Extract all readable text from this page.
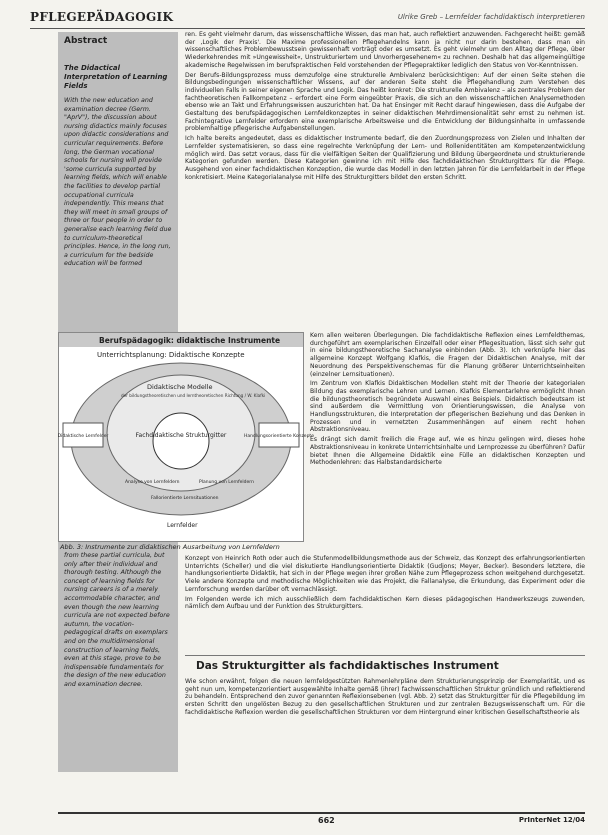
PFLEGEPÄDAGOGIK	Ulrike Greb – Lernfelder fachdidaktisch interpretieren
Abstract
The Didactical Interpretation of Learning Fields
With the new education and examination decree (Germ. "AprV"), the discussion about nursing didactics mainly focuses upon didactic considerations and curricular requirements. Before long, the German vocational schools for nursing will provide 'some curricula supported by learning fields, which will enable the facilities to develop partial occupational curricula independently. This means that they will meet in small groups of three or four people in order to generalise each learning field due to curriculum-theoretical principles. Hence, in the long run, a curriculum for the bedside education will be formed
from these partial curricula, but only after their individual and thorough testing. Although the concept of learning fields for nursing careers is of a merely accommodable character, and even though the new learning curricula are not expected before autumn, the vocation-pedagogical drafts on exemplars and on the multidimensional construction of learning fields, even at this stage, prove to be indispensable fundamentals for the design of the new education and examination decree.

ren. Es geht vielmehr darum, das wissenschaftliche Wissen, das man hat, auch reflektiert anzuwenden. Fachgerecht heißt: gemäß der ‚Logik der Praxis'. Die Maxime professionellen Pflegehandelns kann ja nicht nur darin bestehen, dass man ein wissenschaftliches Problembewusstsein gewissenhaft vorträgt oder es umsetzt. Es geht vielmehr um den Alltag der Pflege, über Wiederkehrendes mit »Ungewissheit«, Unstrukturiertem und Unvorhergesehenem« zu rechnen. Deshalb hat das allgemeingültige akademische Regelwissen im berufspraktischen Feld vorstehenden der Pflegepraktiker lediglich den Status von Vor-Kenntnissen.

Der Berufs-Bildungsprozess muss demzufolge eine strukturelle Ambivalenz berücksichtigen: Auf der einen Seite stehen die Bildungsbedingungen wissenschaftlicher Wissens, auf der anderen Seite steht die Pflegehandlung zum Verstehen des individuellen Falls in seiner eigenen Sprache und Logik. Das heißt konkret: Die strukturelle Ambivalenz – als zentrales Problem der fachtheoretischen Fallkompetenz – erfordert eine Form eingeübter Praxis, die sich an den wissenschaftlichen Analysemethoden ebenso wie an Takt und Erfahrungswissen auszurichten hat. Da hat Ensinger mit Recht darauf hingewiesen, dass die Aufgabe der Gestaltung des berufspädagogischen Lernfeldkonzeptes in seiner didaktischen Mehrdimensionalität sehr ernst zu nehmen ist. Fachintegrative Lernfelder erfordern eine exemplarische Arbeitsweise und die Entwicklung der Bildungsinhalte in umfassende problemhaltige pflegerische Aufgabenstellungen.

Ich halte bereits angedeutet, dass es didaktischer Instrumente bedarf, die den Zuordnungsprozess von Zielen und Inhalten der Lernfelder systematisieren, so dass eine regelrechte Verknüpfung der Lern- und Rollenidentitäten am Kompetenzentwicklung möglich wird. Das setzt voraus, dass für die vielfältigen Seiten der Qualifizierung und Bildung übergeordnete und strukturierende Kategorien gefunden werden. Diese Kategorien gewinne ich mit Hilfe des fachdidaktischen Strukturgitters für die Pflege. Ausgehend von einer fachdidaktischen Konzeption, die wurde das Modell in den letzten Jahren für die Lernfeldarbeit in der Pflege konkretisiert. Meine Kategorialanalyse mit Hilfe des Strukturgitters bildet den ersten Schritt.

Berufspädagogik: didaktische Instrumente
Unterrichtsplanung: Didaktische Konzepte
Didaktische Modelle
der bildungstheoretischen und lerntheoretischen Richtung / W. Klafki
Fachdidaktische Strukturgitter
Didaktische Lernfelder	Handlungsorientierte Konzepte
Analyse von Lernfeldern	Planung von Lernfeldern
Fallorientierte Lernsituationen
Lernfelder
Abb. 3: Instrumente zur didaktischen Ausarbeitung von Lernfeldern

Kern allen weiteren Überlegungen. Die fachdidaktische Reflexion eines Lernfeldthemas, durchgeführt am exemplarischen Einzelfall oder einer Pflegesituation, lässt sich sehr gut in eine bildungstheoretische Sachanalyse einbinden (Abb. 3). Ich verknüpfe hier das allgemeine Konzept Wolfgang Klafkis, die Fragen der Didaktischen Analyse, mit der Neuordnung des Perspektivenschemas für die Planung größerer Unterrichtseinheiten (einzelner Lernsituationen).

Im Zentrum von Klafkis Didaktischen Modellen steht mit der Theorie der kategorialen Bildung das exemplarische Lehren und Lernen. Klafkis Elementarlehre ermöglicht Ihnen die bildungstheoretisch begründete Auswahl eines Beispiels. Didaktisch bedeutsam ist sind außerdem die Vermittlung von Orientierungswissen, die Analyse von Handlungsstrukturen, die Interpretation der pflegerischen Beziehung und das Denken in Prozessen und in vernetzten Zusammenhängen auf einem recht hohen Abstraktionsniveau.

Es drängt sich damit freilich die Frage auf, wie es hinzu gelingen wird, dieses hohe Abstraktionsniveau in konkrete Unterrichtsinhalte und Lernprozesse zu überführen? Dafür bietet Ihnen die Allgemeine Didaktik eine Fülle an didaktischen Konzepten und Methodenlehren: das Halbstandardsicherte

Konzept von Heinrich Roth oder auch die Stufenmodellbildungsmethode aus der Schweiz, das Konzept des erfahrungsorientierten Unterrichts (Scheller) und die viel diskutierte Handlungsorientierte Didaktik (Gudjons; Meyer, Becker). Besonders letztere, die handlungsorientierte Didaktik, hat sich in der Pflege wegen ihrer großen Nähe zum Pflegeprozess schon weitgehend durchgesetzt. Viele andere Konzepte und methodische Möglichkeiten wie das Projekt, die Fallanalyse, die Erkundung, das Experiment oder die Lernforschung werden darüber oft vernachlässigt.

Im Folgenden werde ich mich ausschließlich dem fachdidaktischen Kern dieses pädagogischen Handwerkszeugs zuwenden, nämlich dem Aufbau und der Funktion des Strukturgitters.

Das Strukturgitter als fachdidaktisches Instrument
Wie schon erwähnt, folgen die neuen lernfeldgestützten Rahmenlehrpläne dem Strukturierungsprinzip der Exemplarität, und es geht nun um, kompetenzorientiert ausgewählte Inhalte gemäß (ihrer) fachwissenschaftlichen Struktur gründlich und reflektierend zu behandeln. Entsprechend den zuvor genannten Reflexionsebenen (vgl. Abb. 2) setzt das Strukturgitter für die Pflegebildung im ersten Schritt den ungelösten Bezug zu den gesellschaftlichen Strukturen und zur zentralen Bezugswissenschaft um. Für die fachdidaktische Reflexion werden die gesellschaftlichen Strukturen vor dem Hintergrund einer kritischen Gesellschaftstheorie als
662	PrInterNet 12/04
